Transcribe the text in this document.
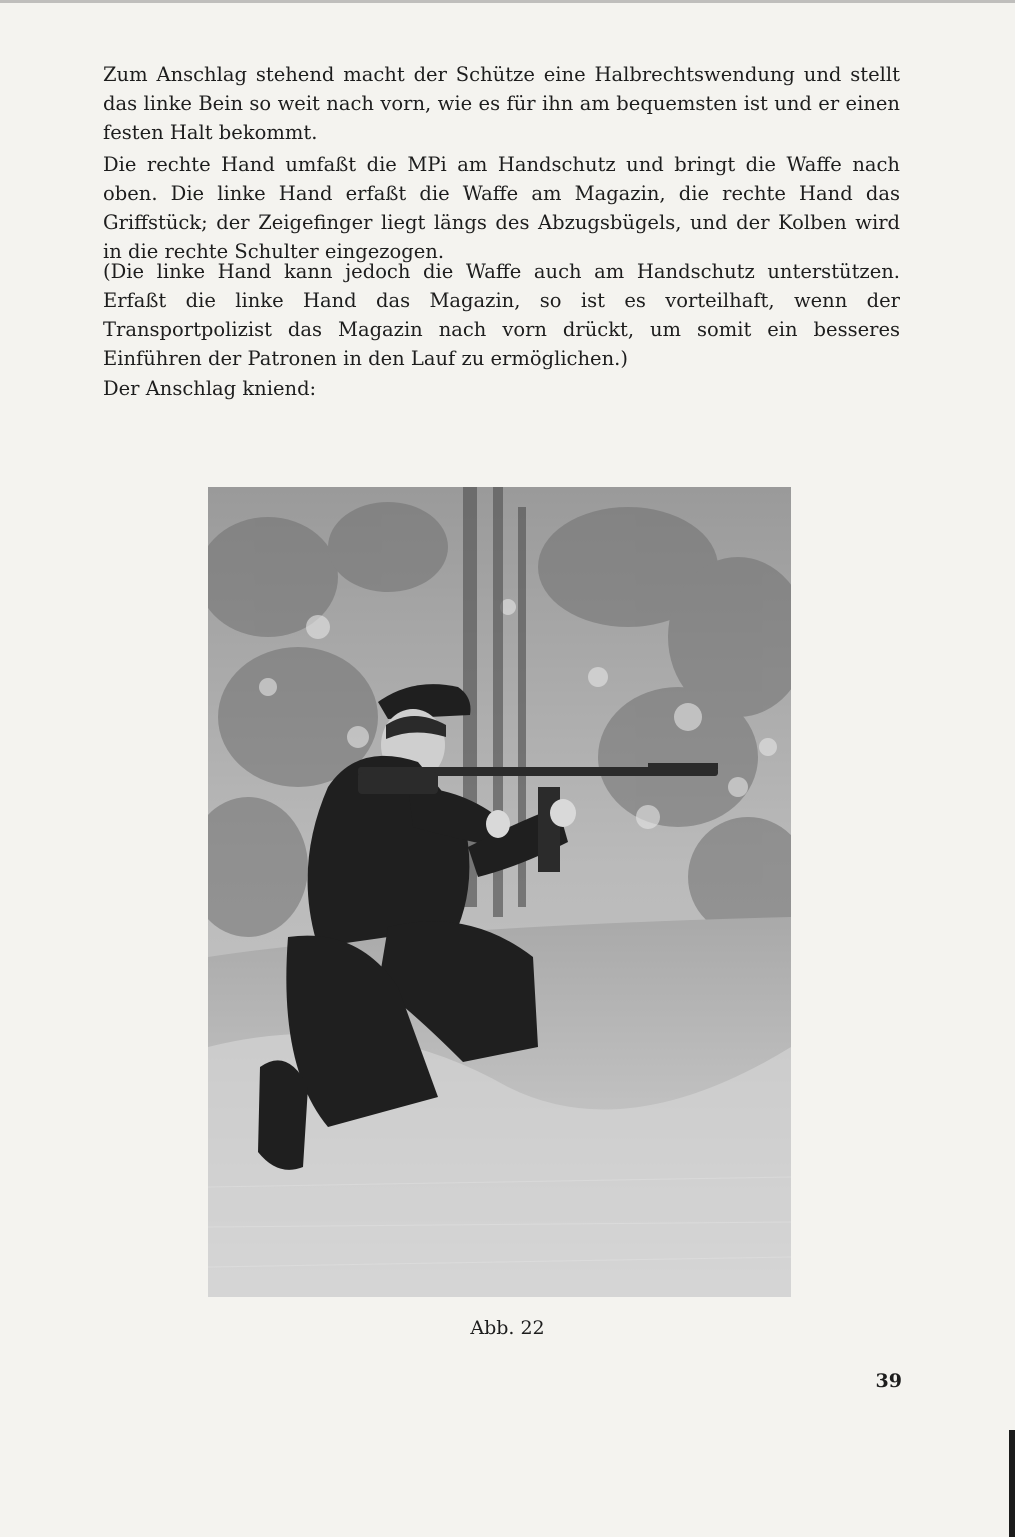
Zum Anschlag stehend macht der Schütze eine Halbrechtswendung und stellt das linke Bein so weit nach vorn, wie es für ihn am bequemsten ist und er einen festen Halt bekommt.

Die rechte Hand umfaßt die MPi am Handschutz und bringt die Waffe nach oben. Die linke Hand erfaßt die Waffe am Magazin, die rechte Hand das Griffstück; der Zeigefinger liegt längs des Abzugsbügels, und der Kolben wird in die rechte Schulter eingezogen.

(Die linke Hand kann jedoch die Waffe auch am Handschutz unterstützen. Erfaßt die linke Hand das Magazin, so ist es vorteilhaft, wenn der Transportpolizist das Magazin nach vorn drückt, um somit ein besseres Einführen der Patronen in den Lauf zu ermöglichen.)

Der Anschlag kniend:

Abb. 22
39
